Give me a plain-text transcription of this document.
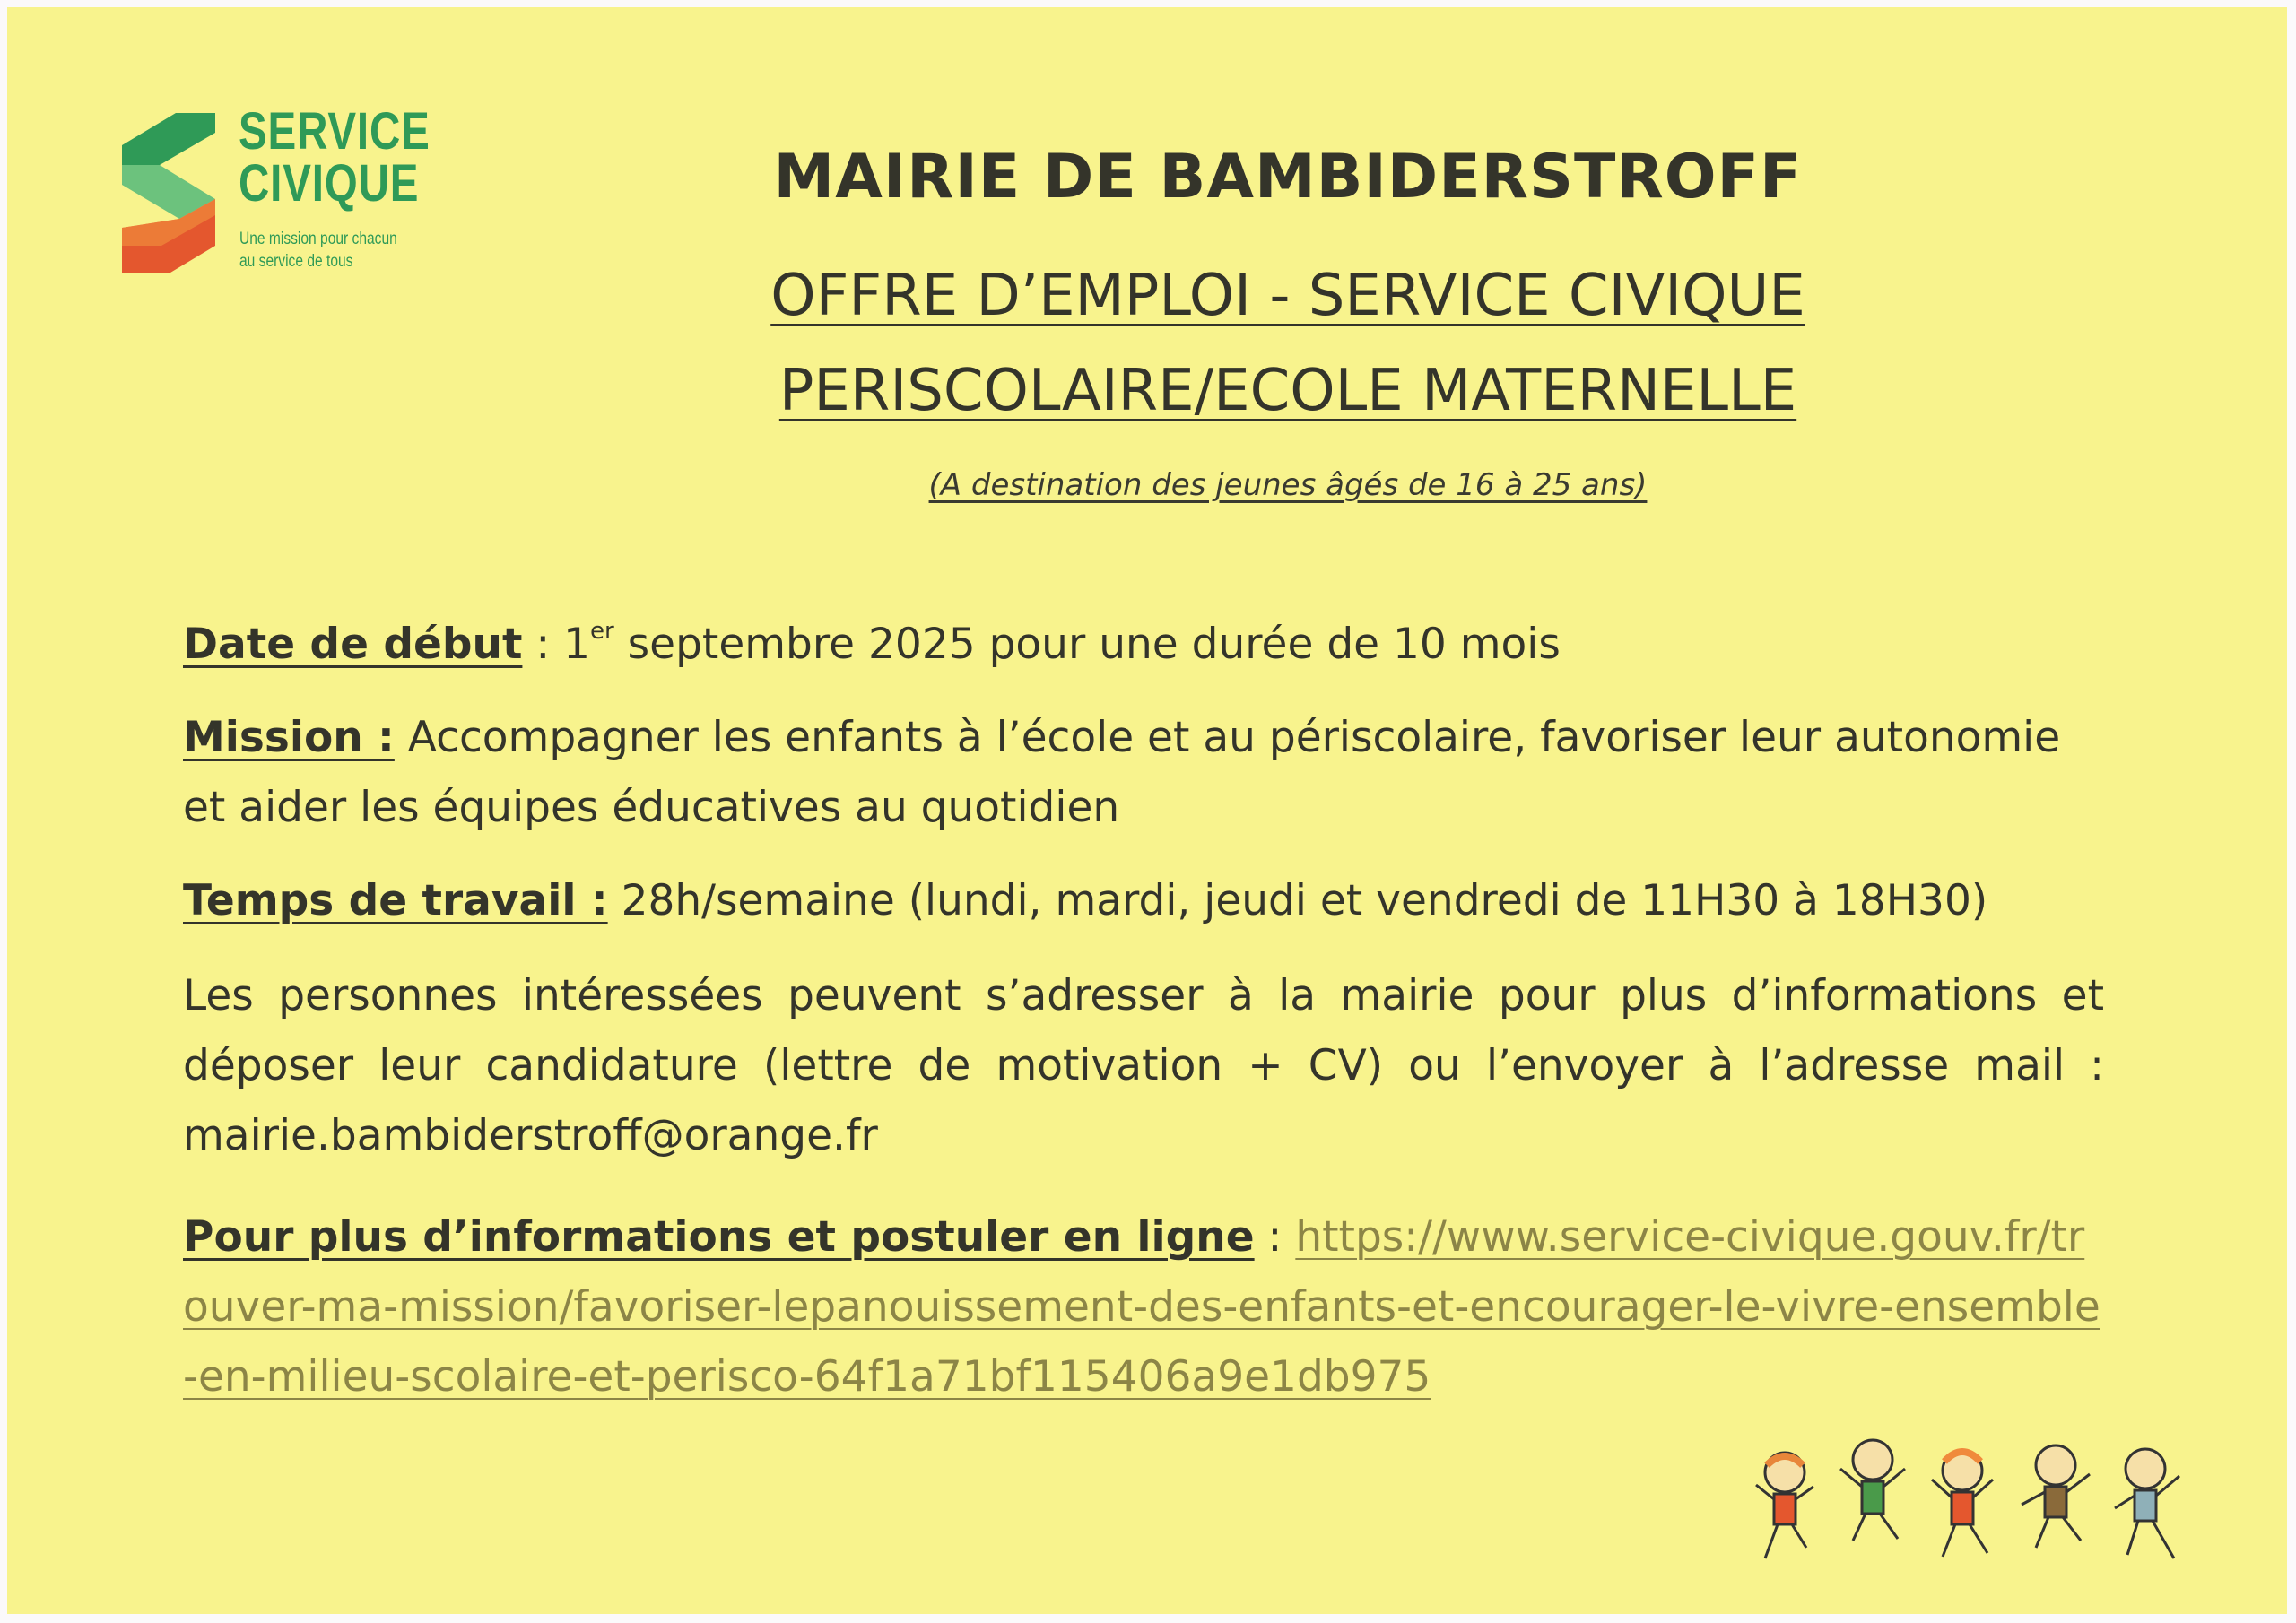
SERVICE
CIVIQUE
Une mission pour chacun
au service de tous
MAIRIE DE BAMBIDERSTROFF
OFFRE D’EMPLOI - SERVICE CIVIQUE
PERISCOLAIRE/ECOLE MATERNELLE
(A destination des jeunes âgés de 16 à 25 ans)
Date de début : 1er septembre 2025 pour une durée de 10 mois
Mission : Accompagner les enfants à l’école et au périscolaire, favoriser leur autonomie et aider les équipes éducatives au quotidien
Temps de travail : 28h/semaine (lundi, mardi, jeudi et vendredi de 11H30 à 18H30)
Les personnes intéressées peuvent s’adresser à la mairie pour plus d’informations et déposer leur candidature (lettre de motivation + CV) ou l’envoyer à l’adresse mail : mairie.bambiderstroff@orange.fr
Pour plus d’informations et postuler en ligne : https://www.service-civique.gouv.fr/trouver-ma-mission/favoriser-lepanouissement-des-enfants-et-encourager-le-vivre-ensemble-en-milieu-scolaire-et-perisco-64f1a71bf115406a9e1db975
